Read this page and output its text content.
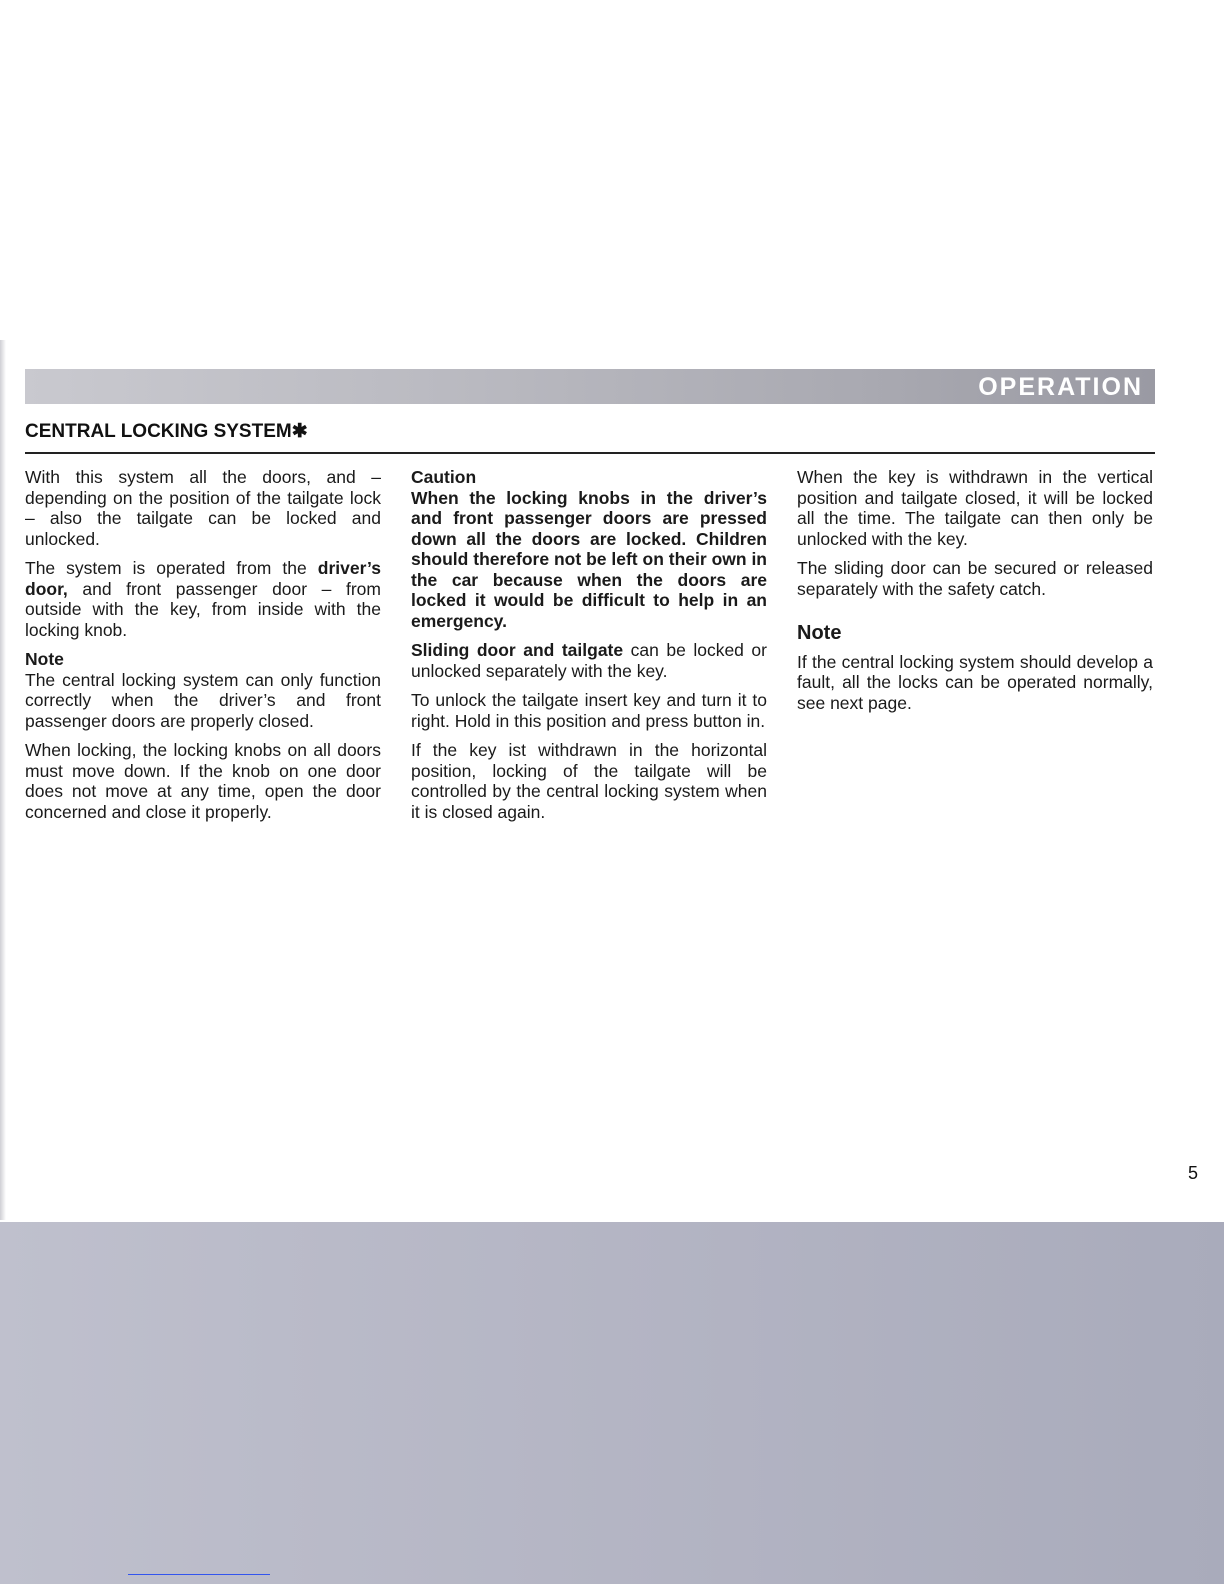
OPERATION
CENTRAL LOCKING SYSTEM✱

With this system all the doors, and – depending on the position of the tailgate lock – also the tailgate can be locked and unlocked.

The system is operated from the driver’s door, and front passenger door – from outside with the key, from inside with the locking knob.

Note

The central locking system can only function correctly when the driver’s and front passenger doors are properly closed.

When locking, the locking knobs on all doors must move down. If the knob on one door does not move at any time, open the door concerned and close it properly.

Caution

When the locking knobs in the driver’s and front passenger doors are pressed down all the doors are locked. Children should therefore not be left on their own in the car because when the doors are locked it would be difficult to help in an emergency.

Sliding door and tailgate can be locked or unlocked separately with the key.

To unlock the tailgate insert key and turn it to right. Hold in this position and press button in.

If the key ist withdrawn in the horizontal position, locking of the tailgate will be controlled by the central locking system when it is closed again.

When the key is withdrawn in the vertical position and tailgate closed, it will be locked all the time. The tailgate can then only be unlocked with the key.

The sliding door can be secured or released separately with the safety catch.

Note

If the central locking system should develop a fault, all the locks can be operated normally, see next page.

5
